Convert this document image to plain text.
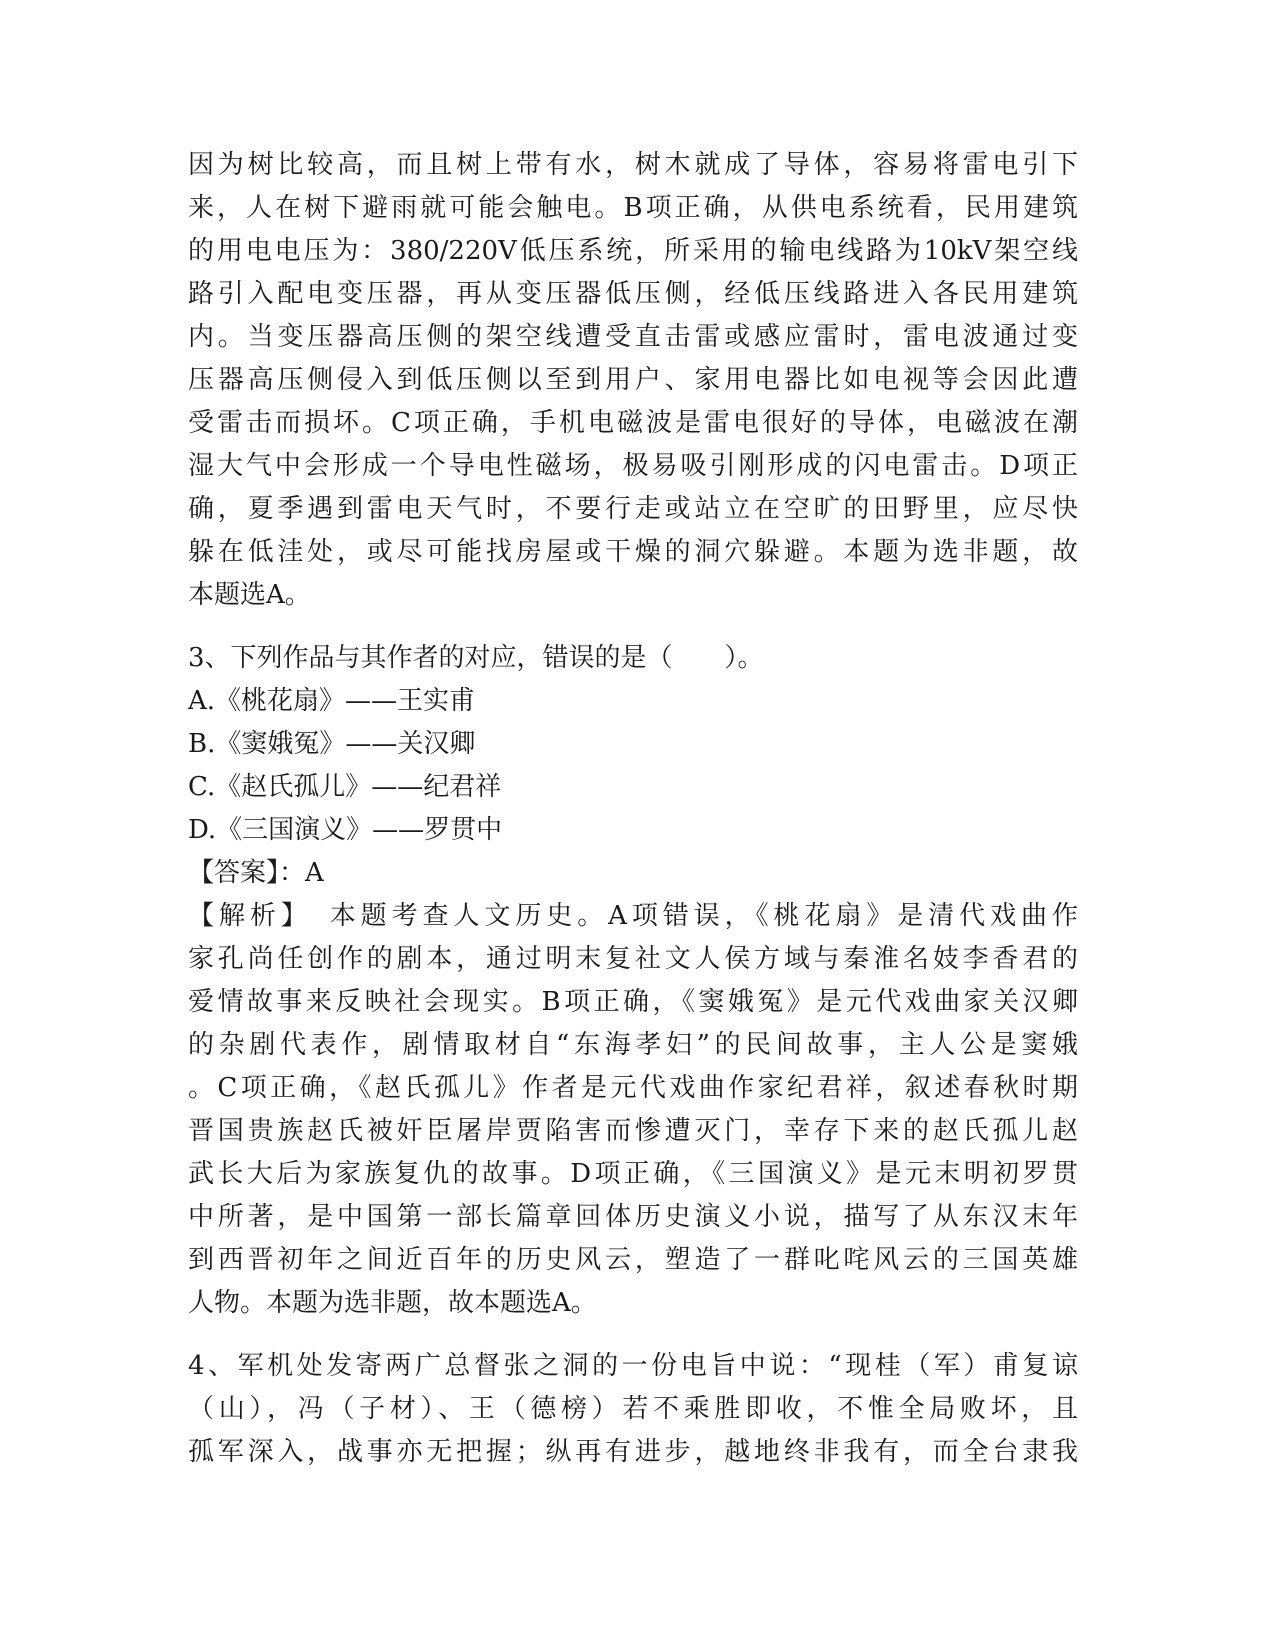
因为树比较高，而且树上带有水，树木就成了导体，容易将雷电引下
来，人在树下避雨就可能会触电。B项正确，从供电系统看，民用建筑
的用电电压为：380/220V低压系统，所采用的输电线路为10kV架空线
路引入配电变压器，再从变压器低压侧，经低压线路进入各民用建筑
内。当变压器高压侧的架空线遭受直击雷或感应雷时，雷电波通过变
压器高压侧侵入到低压侧以至到用户、家用电器比如电视等会因此遭
受雷击而损坏。C项正确，手机电磁波是雷电很好的导体，电磁波在潮
湿大气中会形成一个导电性磁场，极易吸引刚形成的闪电雷击。D项正
确，夏季遇到雷电天气时，不要行走或站立在空旷的田野里，应尽快
躲在低洼处，或尽可能找房屋或干燥的洞穴躲避。本题为选非题，故
本题选A。
3、下列作品与其作者的对应，错误的是（　　）。
A.《桃花扇》——王实甫
B.《窦娥冤》——关汉卿
C.《赵氏孤儿》——纪君祥
D.《三国演义》——罗贯中
【答案】：A
【解析】　本题考查人文历史。A项错误，《桃花扇》是清代戏曲作
家孔尚任创作的剧本，通过明末复社文人侯方域与秦淮名妓李香君的
爱情故事来反映社会现实。B项正确，《窦娥冤》是元代戏曲家关汉卿
的杂剧代表作，剧情取材自“东海孝妇”的民间故事，主人公是窦娥
。C项正确，《赵氏孤儿》作者是元代戏曲作家纪君祥，叙述春秋时期
晋国贵族赵氏被奸臣屠岸贾陷害而惨遭灭门，幸存下来的赵氏孤儿赵
武长大后为家族复仇的故事。D项正确，《三国演义》是元末明初罗贯
中所著，是中国第一部长篇章回体历史演义小说，描写了从东汉末年
到西晋初年之间近百年的历史风云，塑造了一群叱咤风云的三国英雄
人物。本题为选非题，故本题选A。
4、军机处发寄两广总督张之洞的一份电旨中说：“现桂（军）甫复谅
（山），冯（子材）、王（德榜）若不乘胜即收，不惟全局败坏，且
孤军深入，战事亦无把握；纵再有进步，越地终非我有，而全台隶我
